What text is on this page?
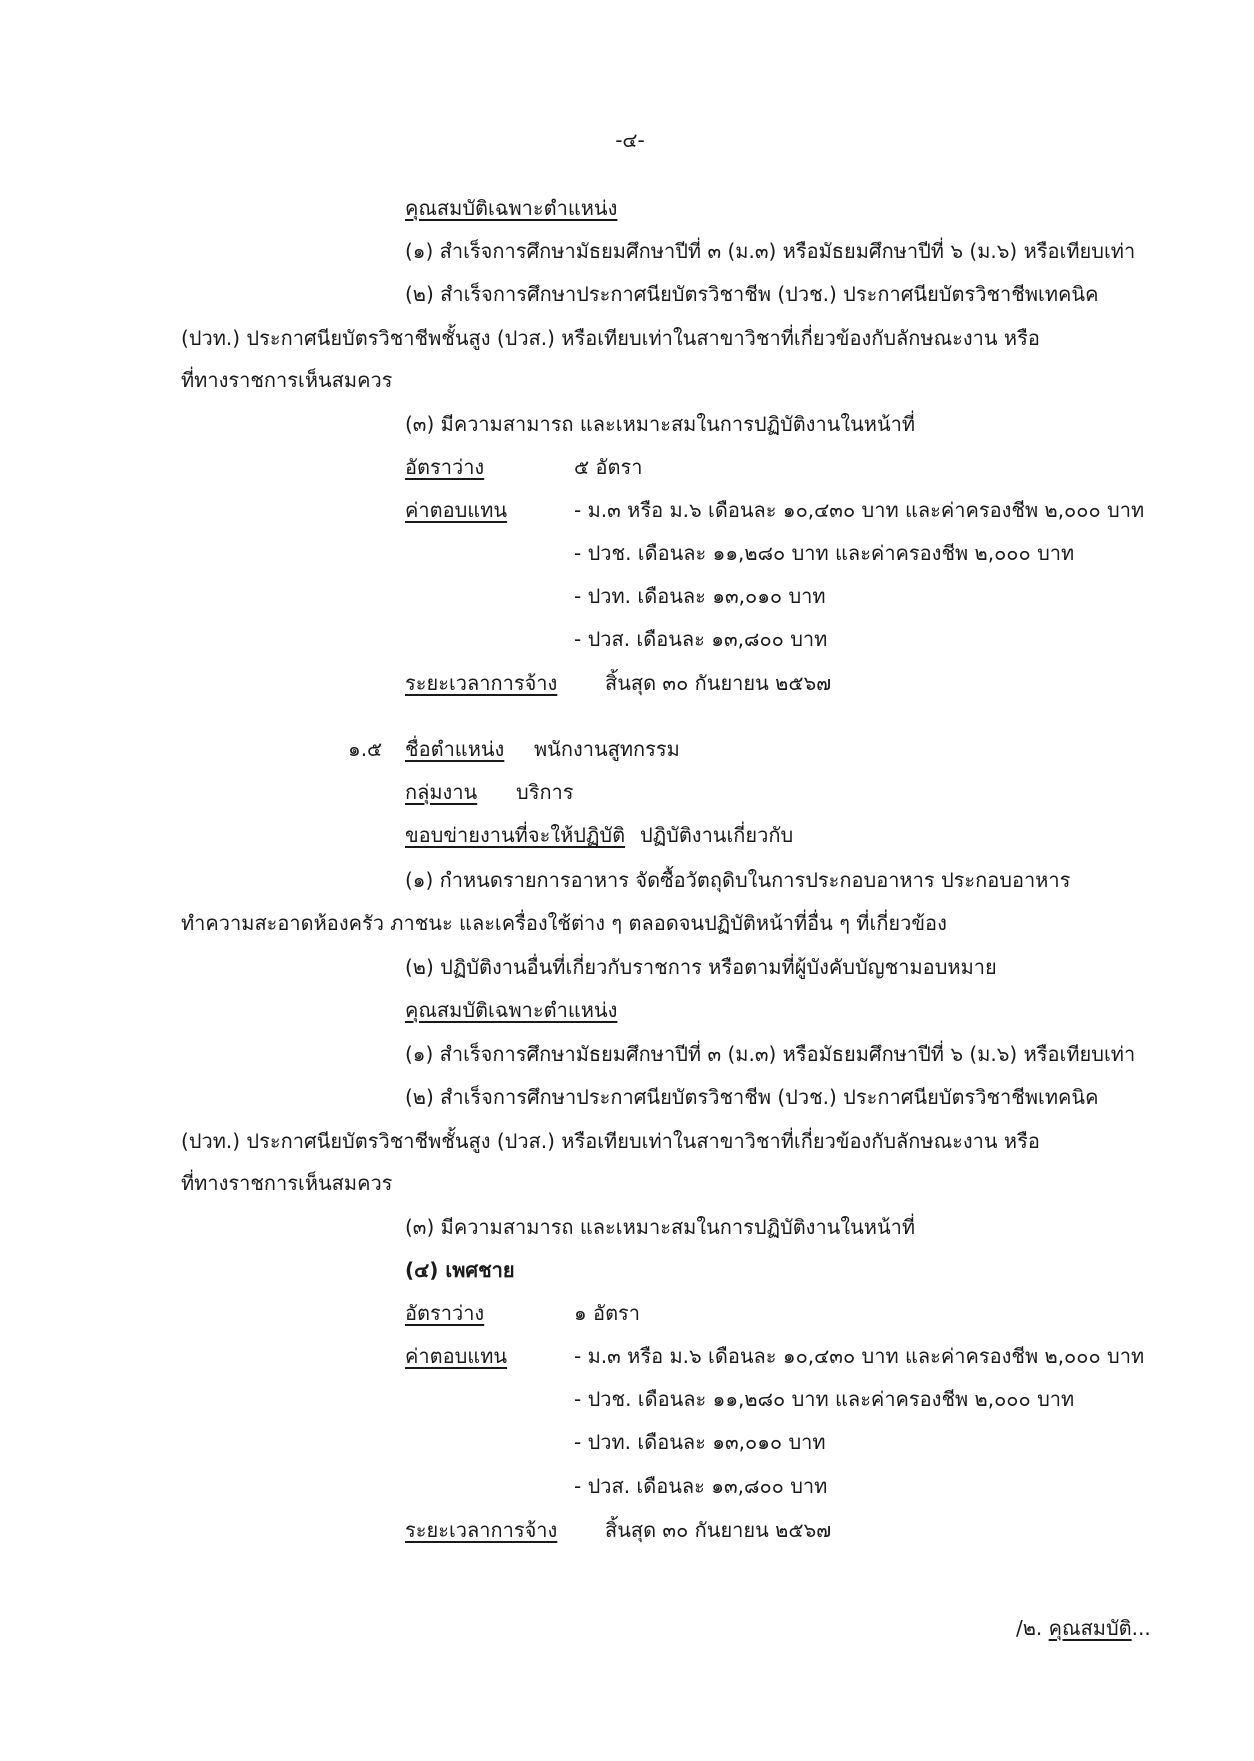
-๔-
คุณสมบัติเฉพาะตำแหน่ง
(๑) สำเร็จการศึกษามัธยมศึกษาปีที่ ๓ (ม.๓) หรือมัธยมศึกษาปีที่ ๖ (ม.๖) หรือเทียบเท่า
(๒) สำเร็จการศึกษาประกาศนียบัตรวิชาชีพ (ปวช.) ประกาศนียบัตรวิชาชีพเทคนิค
(ปวท.) ประกาศนียบัตรวิชาชีพชั้นสูง (ปวส.) หรือเทียบเท่าในสาขาวิชาที่เกี่ยวข้องกับลักษณะงาน หรือ
ที่ทางราชการเห็นสมควร
(๓) มีความสามารถ และเหมาะสมในการปฏิบัติงานในหน้าที่
อัตราว่าง	๕ อัตรา
ค่าตอบแทน	- ม.๓ หรือ ม.๖ เดือนละ ๑๐,๔๓๐ บาท และค่าครองชีพ ๒,๐๐๐ บาท
- ปวช. เดือนละ ๑๑,๒๘๐ บาท และค่าครองชีพ ๒,๐๐๐ บาท
- ปวท. เดือนละ ๑๓,๐๑๐ บาท
- ปวส. เดือนละ ๑๓,๘๐๐ บาท
ระยะเวลาการจ้าง สิ้นสุด ๓๐ กันยายน ๒๕๖๗
๑.๕ ชื่อตำแหน่ง พนักงานสูทกรรม
กลุ่มงาน บริการ
ขอบข่ายงานที่จะให้ปฏิบัติ ปฏิบัติงานเกี่ยวกับ
(๑) กำหนดรายการอาหาร จัดซื้อวัตถุดิบในการประกอบอาหาร ประกอบอาหาร
ทำความสะอาดห้องครัว ภาชนะ และเครื่องใช้ต่าง ๆ ตลอดจนปฏิบัติหน้าที่อื่น ๆ ที่เกี่ยวข้อง
(๒) ปฏิบัติงานอื่นที่เกี่ยวกับราชการ หรือตามที่ผู้บังคับบัญชามอบหมาย
คุณสมบัติเฉพาะตำแหน่ง
(๑) สำเร็จการศึกษามัธยมศึกษาปีที่ ๓ (ม.๓) หรือมัธยมศึกษาปีที่ ๖ (ม.๖) หรือเทียบเท่า
(๒) สำเร็จการศึกษาประกาศนียบัตรวิชาชีพ (ปวช.) ประกาศนียบัตรวิชาชีพเทคนิค
(ปวท.) ประกาศนียบัตรวิชาชีพชั้นสูง (ปวส.) หรือเทียบเท่าในสาขาวิชาที่เกี่ยวข้องกับลักษณะงาน หรือ
ที่ทางราชการเห็นสมควร
(๓) มีความสามารถ และเหมาะสมในการปฏิบัติงานในหน้าที่
(๔) เพศชาย
อัตราว่าง	๑ อัตรา
ค่าตอบแทน	- ม.๓ หรือ ม.๖ เดือนละ ๑๐,๔๓๐ บาท และค่าครองชีพ ๒,๐๐๐ บาท
- ปวช. เดือนละ ๑๑,๒๘๐ บาท และค่าครองชีพ ๒,๐๐๐ บาท
- ปวท. เดือนละ ๑๓,๐๑๐ บาท
- ปวส. เดือนละ ๑๓,๘๐๐ บาท
ระยะเวลาการจ้าง สิ้นสุด ๓๐ กันยายน ๒๕๖๗
/๒. คุณสมบัติ...
